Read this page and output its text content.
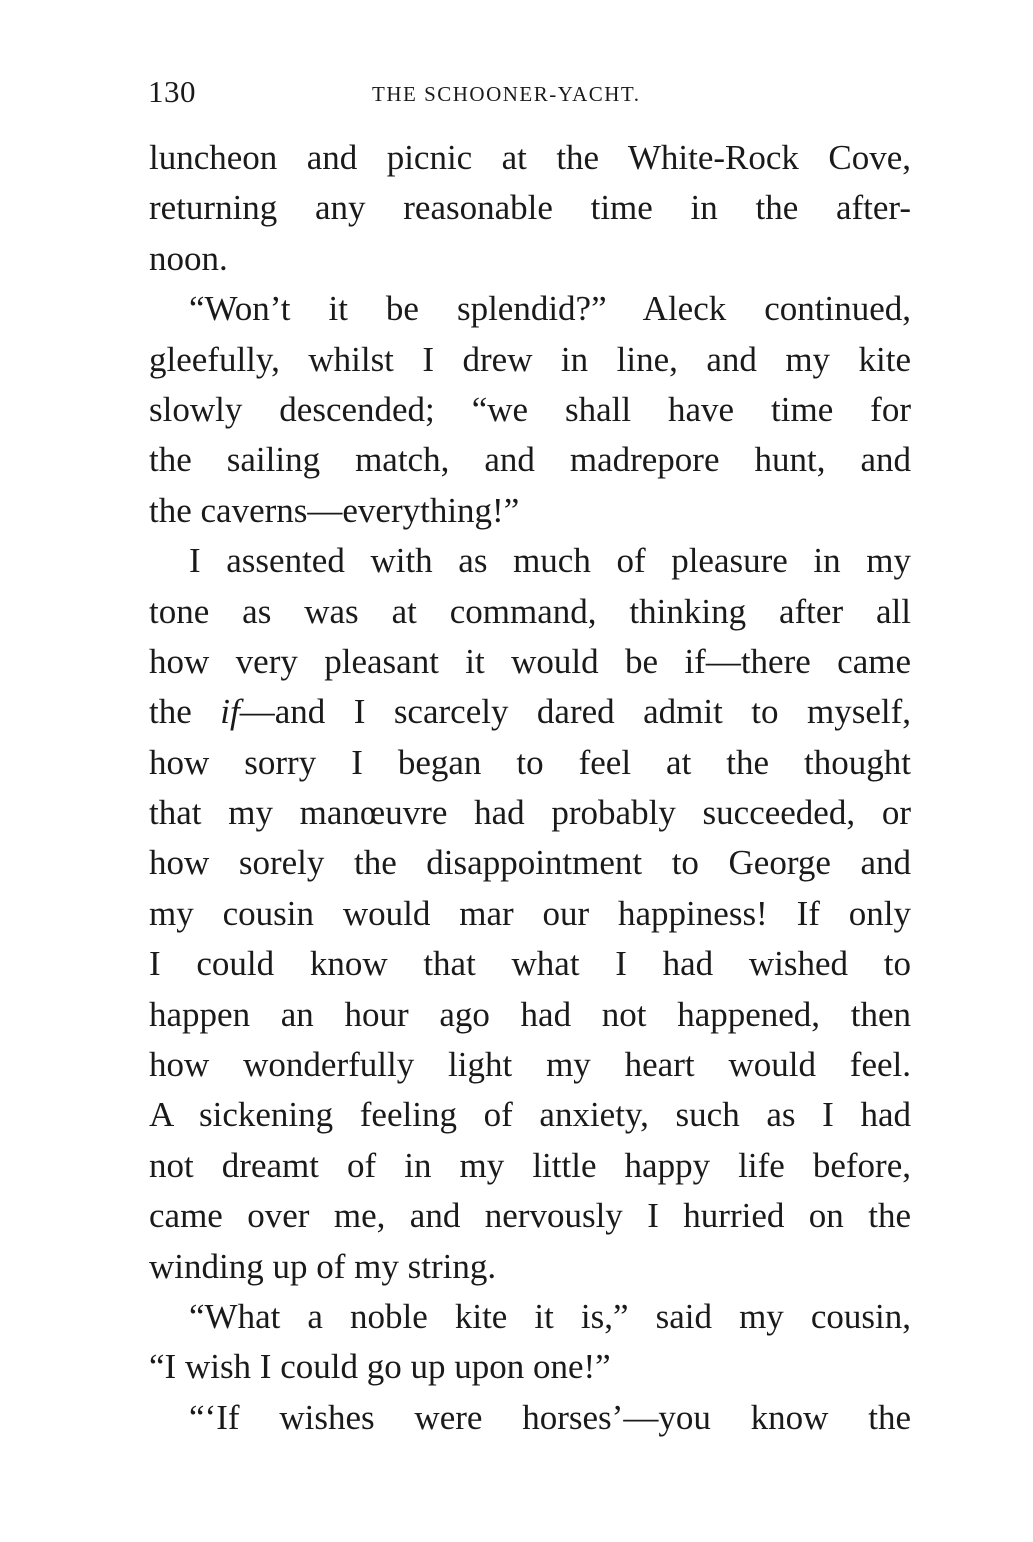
130	THE SCHOONER-YACHT.
luncheon and picnic at the White-Rock Cove,
returning any reasonable time in the after-
noon.
“Won’t it be splendid?” Aleck continued,
gleefully, whilst I drew in line, and my kite
slowly descended; “we shall have time for
the sailing match, and madrepore hunt, and
the caverns—everything!”
I assented with as much of pleasure in my
tone as was at command, thinking after all
how very pleasant it would be if—there came
the if—and I scarcely dared admit to myself,
how sorry I began to feel at the thought
that my manœuvre had probably succeeded, or
how sorely the disappointment to George and
my cousin would mar our happiness! If only
I could know that what I had wished to
happen an hour ago had not happened, then
how wonderfully light my heart would feel.
A sickening feeling of anxiety, such as I had
not dreamt of in my little happy life before,
came over me, and nervously I hurried on the
winding up of my string.
“What a noble kite it is,” said my cousin,
“I wish I could go up upon one!”
“‘If wishes were horses’—you know the
